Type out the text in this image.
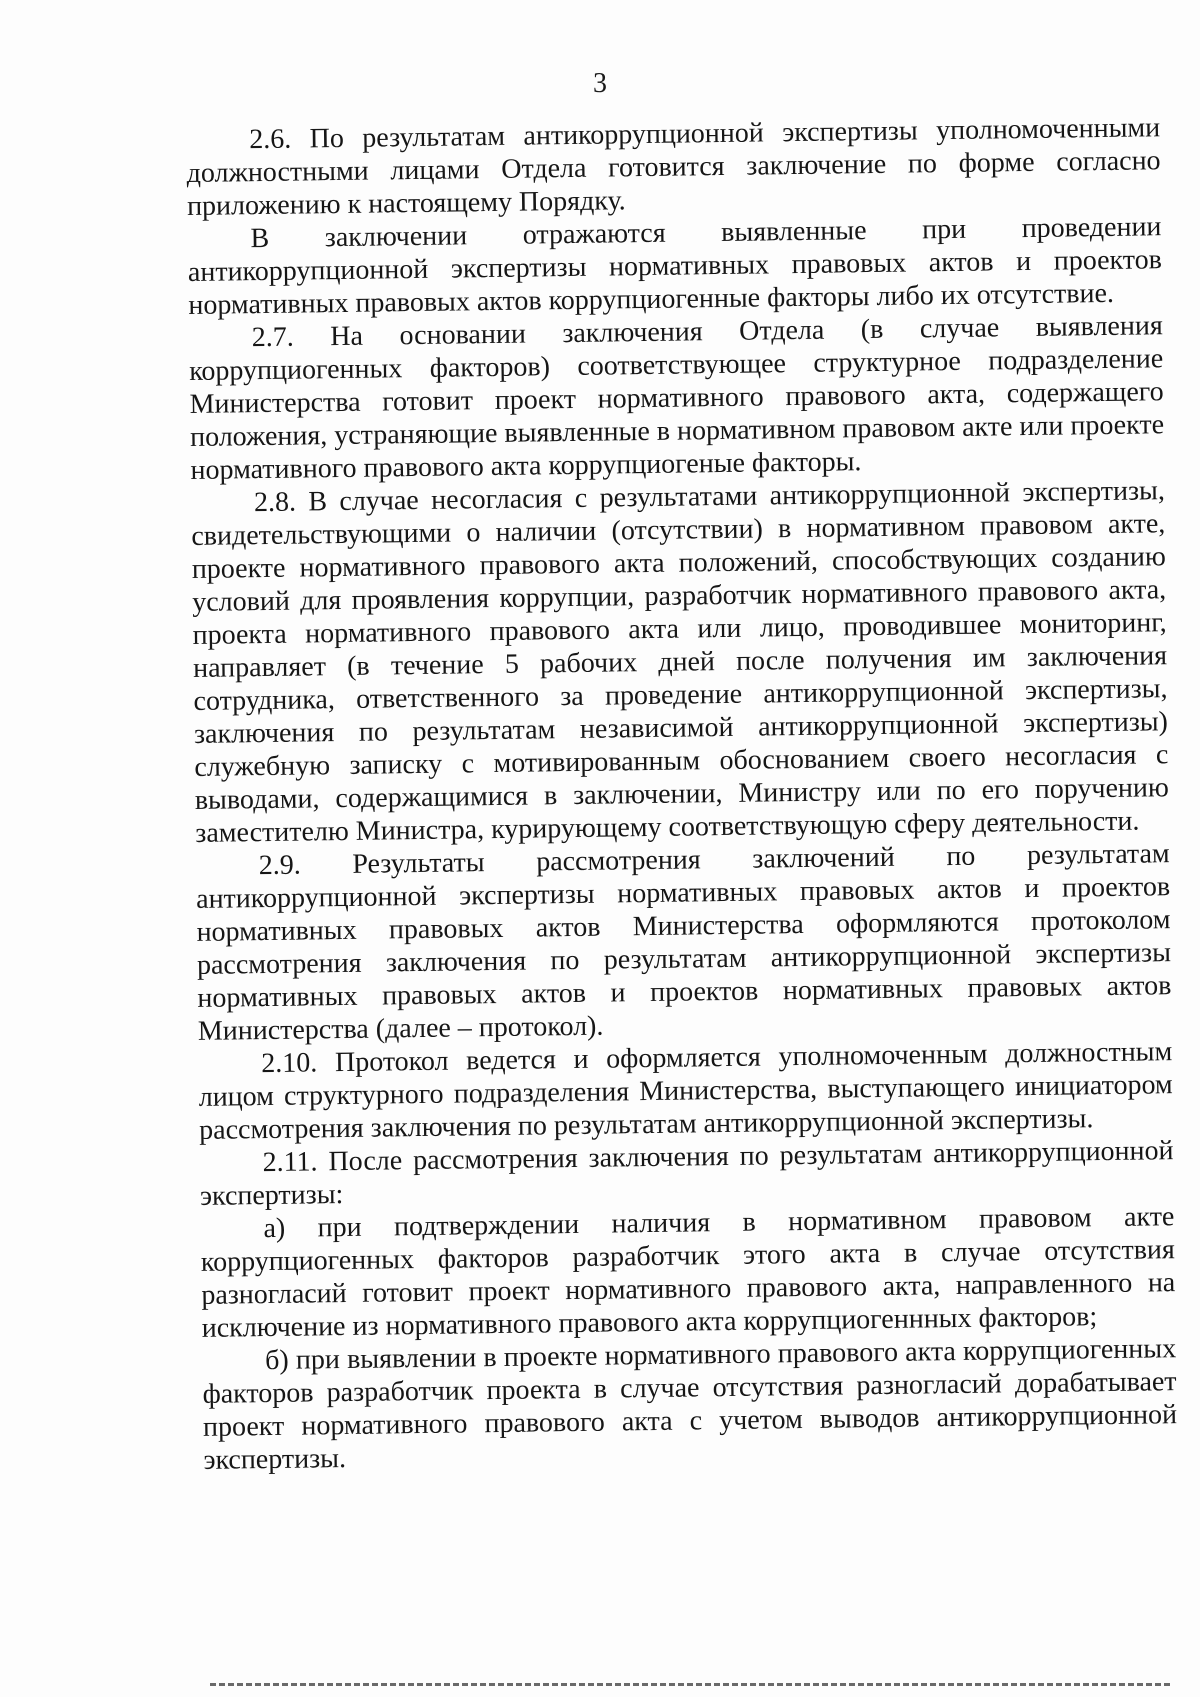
3

2.6. По результатам антикоррупционной экспертизы уполномоченными должностными лицами Отдела готовится заключение по форме согласно приложению к настоящему Порядку.

В заключении отражаются выявленные при проведении антикоррупционной экспертизы нормативных правовых актов и проектов нормативных правовых актов коррупциогенные факторы либо их отсутствие.

2.7. На основании заключения Отдела (в случае выявления коррупциогенных факторов) соответствующее структурное подразделение Министерства готовит проект нормативного правового акта, содержащего положения, устраняющие выявленные в нормативном правовом акте или проекте нормативного правового акта коррупциогеные факторы.

2.8. В случае несогласия с результатами антикоррупционной экспертизы, свидетельствующими о наличии (отсутствии) в нормативном правовом акте, проекте нормативного правового акта положений, способствующих созданию условий для проявления коррупции, разработчик нормативного правового акта, проекта нормативного правового акта или лицо, проводившее мониторинг, направляет (в течение 5 рабочих дней после получения им заключения сотрудника, ответственного за проведение антикоррупционной экспертизы, заключения по результатам независимой антикоррупционной экспертизы) служебную записку с мотивированным обоснованием своего несогласия с выводами, содержащимися в заключении, Министру или по его поручению заместителю Министра, курирующему соответствующую сферу деятельности.

2.9. Результаты рассмотрения заключений по результатам антикоррупционной экспертизы нормативных правовых актов и проектов нормативных правовых актов Министерства оформляются протоколом рассмотрения заключения по результатам антикоррупционной экспертизы нормативных правовых актов и проектов нормативных правовых актов Министерства (далее – протокол).

2.10. Протокол ведется и оформляется уполномоченным должностным лицом структурного подразделения Министерства, выступающего инициатором рассмотрения заключения по результатам антикоррупционной экспертизы.

2.11. После рассмотрения заключения по результатам антикоррупционной экспертизы:

а) при подтверждении наличия в нормативном правовом акте коррупциогенных факторов разработчик этого акта в случае отсутствия разногласий готовит проект нормативного правового акта, направленного на исключение из нормативного правового акта коррупциогеннных факторов;

б) при выявлении в проекте нормативного правового акта коррупциогенных факторов разработчик проекта в случае отсутствия разногласий дорабатывает проект нормативного правового акта с учетом выводов антикоррупционной экспертизы.
